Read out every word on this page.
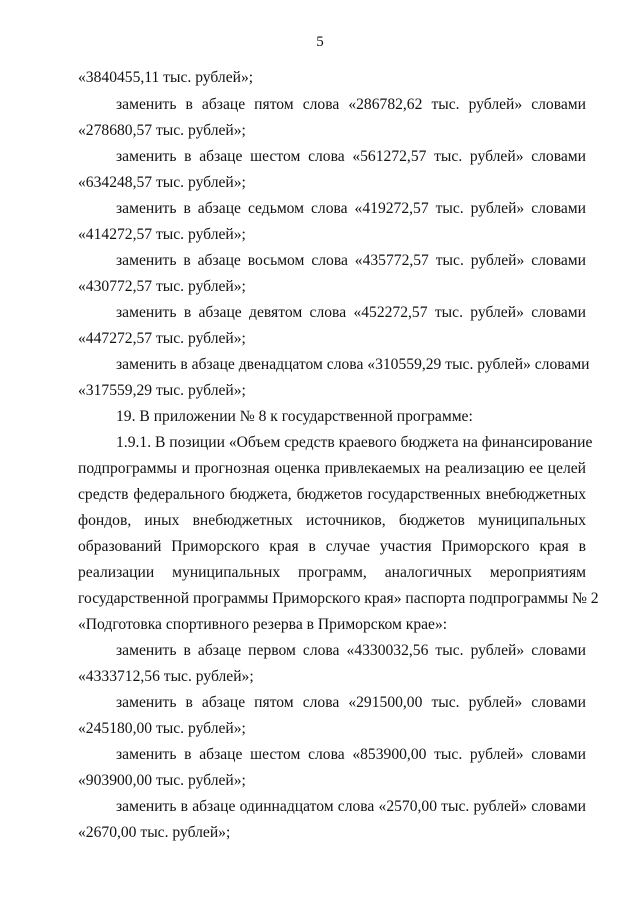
5
«3840455,11 тыс. рублей»;
заменить в абзаце пятом слова «286782,62 тыс. рублей» словами
«278680,57 тыс. рублей»;
заменить в абзаце шестом слова «561272,57 тыс. рублей» словами
«634248,57 тыс. рублей»;
заменить в абзаце седьмом слова «419272,57 тыс. рублей» словами
«414272,57 тыс. рублей»;
заменить в абзаце восьмом слова «435772,57 тыс. рублей» словами
«430772,57 тыс. рублей»;
заменить в абзаце девятом слова «452272,57 тыс. рублей» словами
«447272,57 тыс. рублей»;
заменить в абзаце двенадцатом слова «310559,29 тыс. рублей» словами
«317559,29 тыс. рублей»;
19. В приложении № 8 к государственной программе:
1.9.1. В позиции «Объем средств краевого бюджета на финансирование
подпрограммы и прогнозная оценка привлекаемых на реализацию ее целей
средств федерального бюджета, бюджетов государственных внебюджетных
фондов, иных внебюджетных источников, бюджетов муниципальных
образований Приморского края в случае участия Приморского края в
реализации муниципальных программ, аналогичных мероприятиям
государственной программы Приморского края» паспорта подпрограммы № 2
«Подготовка спортивного резерва в Приморском крае»:
заменить в абзаце первом слова «4330032,56 тыс. рублей» словами
«4333712,56 тыс. рублей»;
заменить в абзаце пятом слова «291500,00 тыс. рублей» словами
«245180,00 тыс. рублей»;
заменить в абзаце шестом слова «853900,00 тыс. рублей» словами
«903900,00 тыс. рублей»;
заменить в абзаце одиннадцатом слова «2570,00 тыс. рублей» словами
«2670,00 тыс. рублей»;
